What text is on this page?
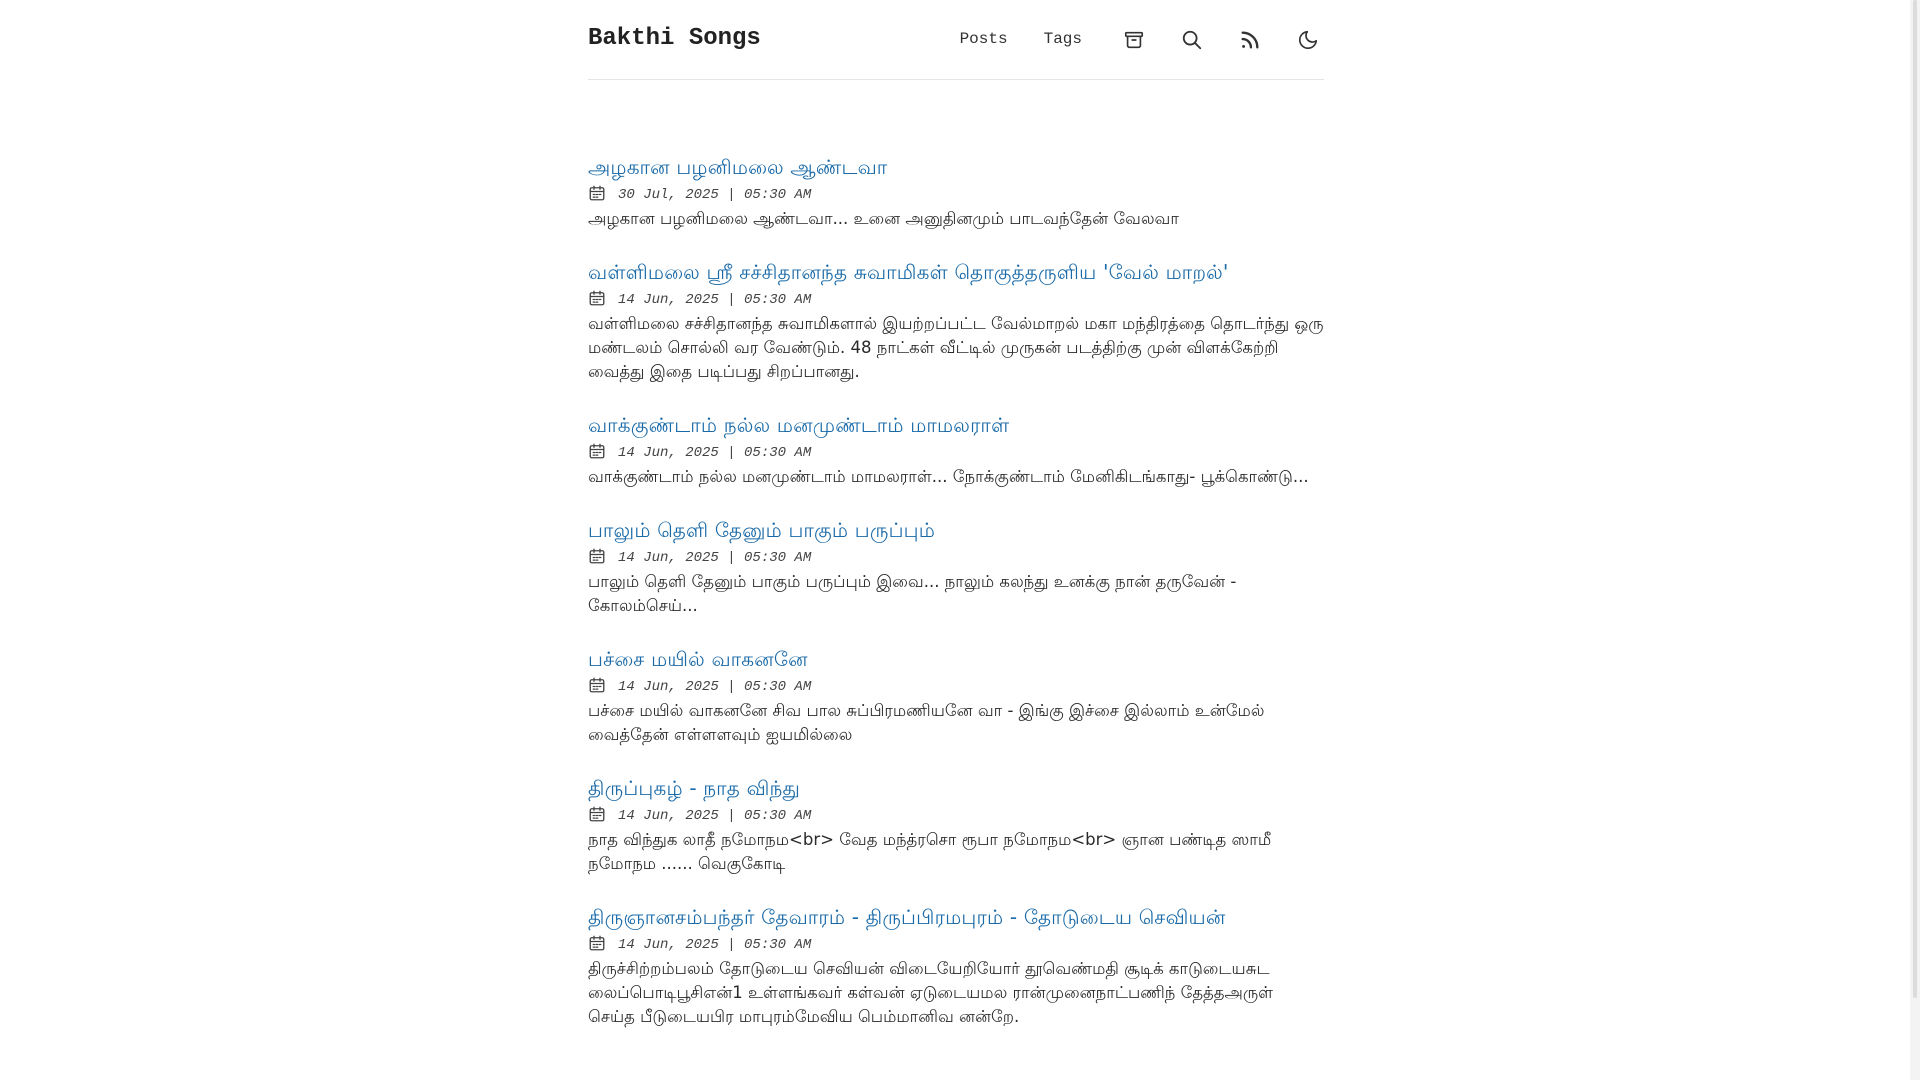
Bakthi Songs	Posts Tags
அழகான பழனிமலை ஆண்டவா
30 Jul, 2025 | 05:30 AM

அழகான பழனிமலை ஆண்டவா... உனை அனுதினமும் பாடவந்தேன் வேலவா

வள்ளிமலை ஸ்ரீ சச்சிதானந்த சுவாமிகள் தொகுத்தருளிய 'வேல் மாறல்'
14 Jun, 2025 | 05:30 AM

வள்ளிமலை சச்சிதானந்த சுவாமிகளால் இயற்றப்பட்ட வேல்மாறல் மகா மந்திரத்தை தொடர்ந்து ஒரு மண்டலம் சொல்லி வர வேண்டும். 48 நாட்கள் வீட்டில் முருகன் படத்திற்கு முன் விளக்கேற்றி வைத்து இதை படிப்பது சிறப்பானது.

வாக்குண்டாம் நல்ல மனமுண்டாம் மாமலராள்
14 Jun, 2025 | 05:30 AM

வாக்குண்டாம் நல்ல மனமுண்டாம் மாமலராள்... நோக்குண்டாம் மேனிகிடங்காது- பூக்கொண்டு...

பாலும் தெளி தேனும் பாகும் பருப்பும்
14 Jun, 2025 | 05:30 AM

பாலும் தெளி தேனும் பாகும் பருப்பும் இவை... நாலும் கலந்து உனக்கு நான் தருவேன் - கோலம்செய்...

பச்சை மயில் வாகனனே
14 Jun, 2025 | 05:30 AM

பச்சை மயில் வாகனனே சிவ பால சுப்பிரமணியனே வா - இங்கு இச்சை இல்லாம் உன்மேல் வைத்தேன் எள்ளளவும் ஐயமில்லை

திருப்புகழ் - நாத விந்து
14 Jun, 2025 | 05:30 AM

நாத விந்துக லாதீ நமோநம<br> வேத மந்த்ரசொ ரூபா நமோநம<br> ஞான பண்டித ஸாமீ நமோநம ...... வெகுகோடி

திருஞானசம்பந்தர் தேவாரம் - திருப்பிரமபுரம் - தோடுடைய செவியன்
14 Jun, 2025 | 05:30 AM

திருச்சிற்றம்பலம் தோடுடைய செவியன் விடையேறியோர் தூவெண்மதி சூடிக் காடுடையசுட லைப்பொடிபூசிஎன்1 உள்ளங்கவர் கள்வன் ஏடுடையமல ரான்முனைநாட்பணிந் தேத்தஅருள் செய்த பீடுடையபிர மாபுரம்மேவிய பெம்மானிவ னன்றே.
